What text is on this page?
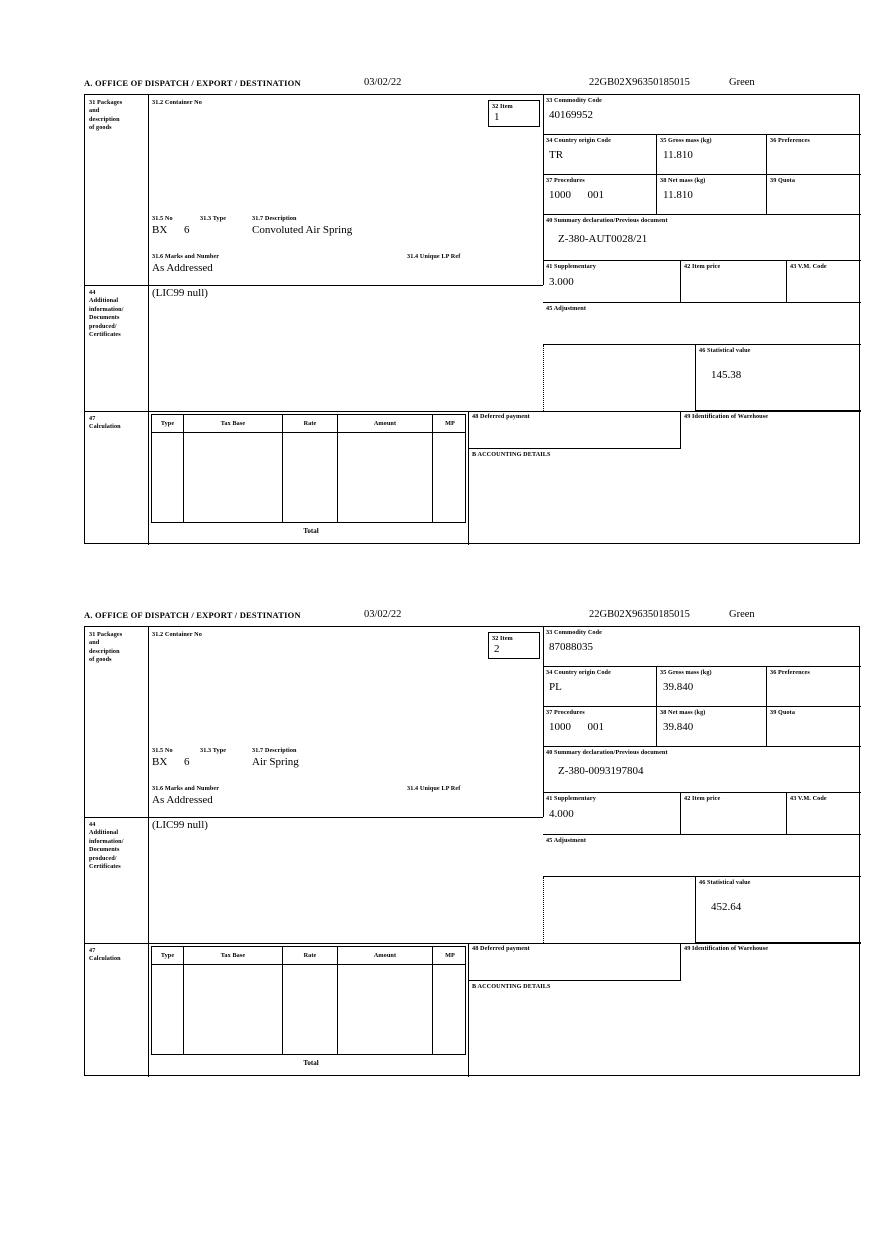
A. OFFICE OF DISPATCH / EXPORT / DESTINATION	03/02/22	22GB02X96350185015	Green
31 Packages
and
description
of goods
31.2 Container No
31.5 No	31.3 Type	31.7 Description
BX 6	Convoluted Air Spring
31.6 Marks and Number	31.4 Unique LP Ref
As Addressed
32 Item
1
33 Commodity Code
40169952
34 Country origin Code
TR
35 Gross mass (kg)
11.810
36 Preferences
37 Procedures
1000      001
38 Net mass (kg)
11.810
39 Quota
40 Summary declaration/Previous document
Z-380-AUT0028/21
41 Supplementary
3.000
42 Item price	43 V.M. Code
45 Adjustment
46 Statistical value
145.38
44
Additional
information/
Documents
produced/
Certificates
(LIC99 null)
47
Calculation	Type	Tax Base	Rate	Amount	MP
Total
48 Deferred payment	49 Identification of Warehouse
B ACCOUNTING DETAILS
A. OFFICE OF DISPATCH / EXPORT / DESTINATION	03/02/22	22GB02X96350185015	Green
31 Packages
and
description
of goods
31.2 Container No
31.5 No	31.3 Type	31.7 Description
BX 6	Air Spring
31.6 Marks and Number	31.4 Unique LP Ref
As Addressed
32 Item
2
33 Commodity Code
87088035
34 Country origin Code
PL
35 Gross mass (kg)
39.840
36 Preferences
37 Procedures
1000      001
38 Net mass (kg)
39.840
39 Quota
40 Summary declaration/Previous document
Z-380-0093197804
41 Supplementary
4.000
42 Item price	43 V.M. Code
45 Adjustment
46 Statistical value
452.64
44
Additional
information/
Documents
produced/
Certificates
(LIC99 null)
47
Calculation	Type	Tax Base	Rate	Amount	MP
Total
48 Deferred payment	49 Identification of Warehouse
B ACCOUNTING DETAILS
